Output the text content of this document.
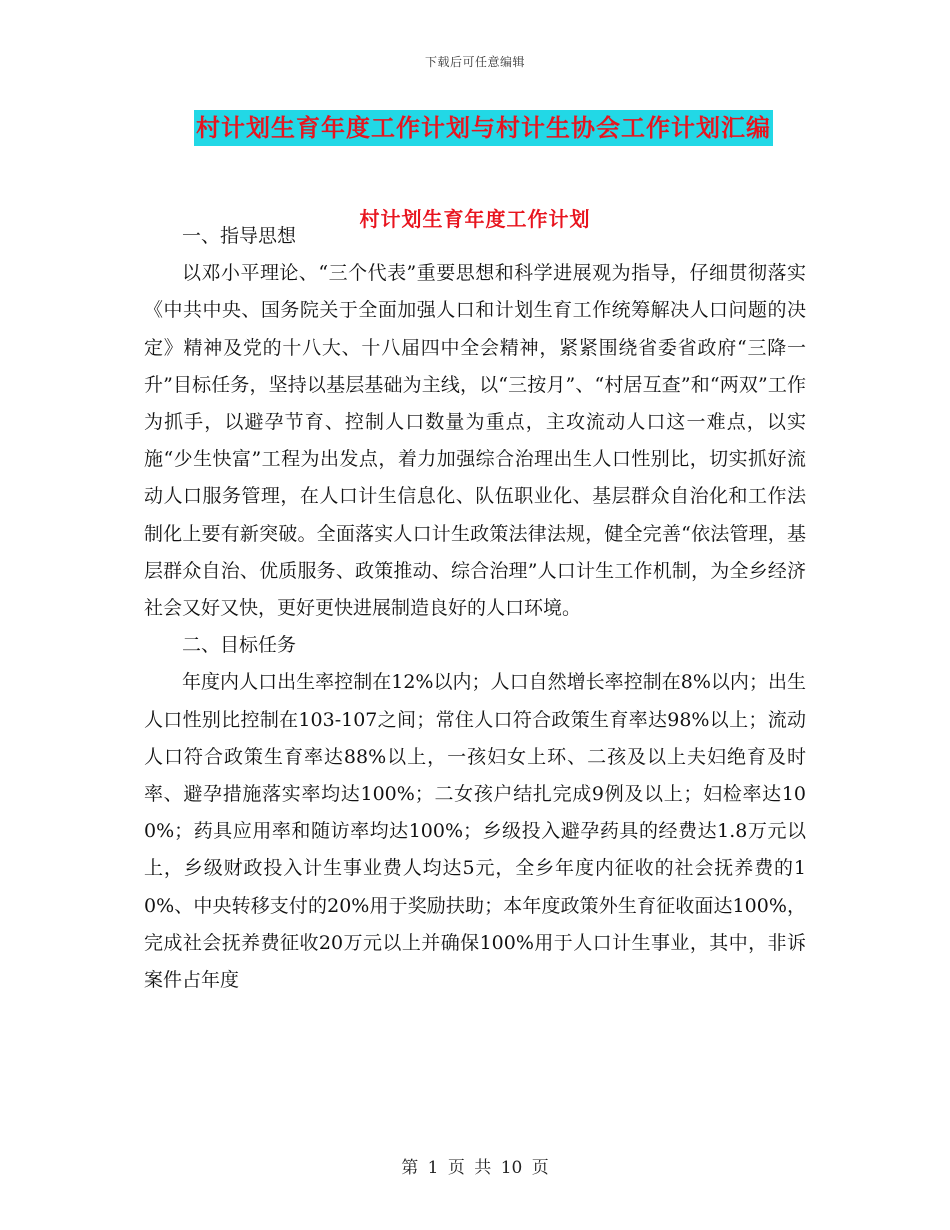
下载后可任意编辑
村计划生育年度工作计划与村计生协会工作计划汇编
村计划生育年度工作计划

一、指导思想

以邓小平理论、“三个代表”重要思想和科学进展观为指导，仔细贯彻落实《中共中央、国务院关于全面加强人口和计划生育工作统筹解决人口问题的决定》精神及党的十八大、十八届四中全会精神，紧紧围绕省委省政府“三降一升”目标任务，坚持以基层基础为主线，以“三按月”、“村居互查”和“两双”工作为抓手，以避孕节育、控制人口数量为重点，主攻流动人口这一难点，以实施“少生快富”工程为出发点，着力加强综合治理出生人口性别比，切实抓好流动人口服务管理，在人口计生信息化、队伍职业化、基层群众自治化和工作法制化上要有新突破。全面落实人口计生政策法律法规，健全完善“依法管理，基层群众自治、优质服务、政策推动、综合治理”人口计生工作机制，为全乡经济社会又好又快，更好更快进展制造良好的人口环境。

二、目标任务

年度内人口出生率控制在12%以内；人口自然增长率控制在8%以内；出生人口性别比控制在103-107之间；常住人口符合政策生育率达98%以上；流动人口符合政策生育率达88%以上，一孩妇女上环、二孩及以上夫妇绝育及时率、避孕措施落实率均达100%；二女孩户结扎完成9例及以上；妇检率达100%；药具应用率和随访率均达100%；乡级投入避孕药具的经费达1.8万元以上，乡级财政投入计生事业费人均达5元，全乡年度内征收的社会抚养费的10%、中央转移支付的20%用于奖励扶助；本年度政策外生育征收面达100%，完成社会抚养费征收20万元以上并确保100%用于人口计生事业，其中，非诉案件占年度

第 1 页 共 10 页
